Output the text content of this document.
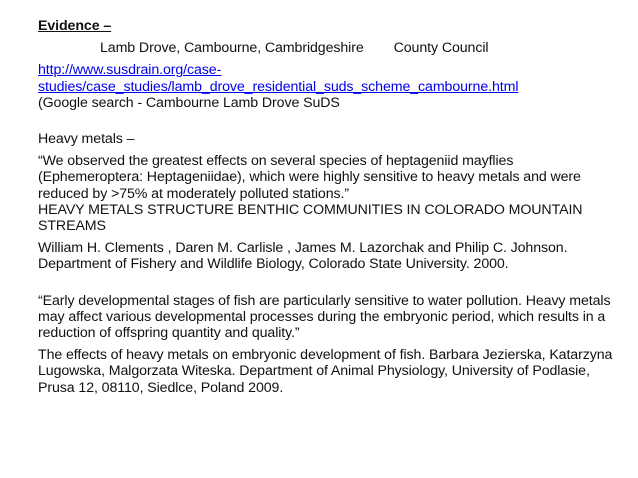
Evidence –

Lamb Drove, Cambourne, Cambridgeshire County Council

http://www.susdrain.org/case-
studies/case_studies/lamb_drove_residential_suds_scheme_cambourne.html

(Google search - Cambourne Lamb Drove SuDS

Heavy metals –

“We observed the greatest effects on several species of heptageniid mayflies (Ephemeroptera: Heptageniidae), which were highly sensitive to heavy metals and were reduced by >75% at moderately polluted stations.”

HEAVY METALS STRUCTURE BENTHIC COMMUNITIES IN COLORADO MOUNTAIN STREAMS

William H. Clements , Daren M. Carlisle , James M. Lazorchak and Philip C. Johnson. Department of Fishery and Wildlife Biology, Colorado State University. 2000.

“Early developmental stages of fish are particularly sensitive to water pollution. Heavy metals may affect various developmental processes during the embryonic period, which results in a reduction of offspring quantity and quality.”

The effects of heavy metals on embryonic development of fish. Barbara Jezierska, Katarzyna Lugowska, Malgorzata Witeska. Department of Animal Physiology, University of Podlasie, Prusa 12, 08110, Siedlce, Poland 2009.
